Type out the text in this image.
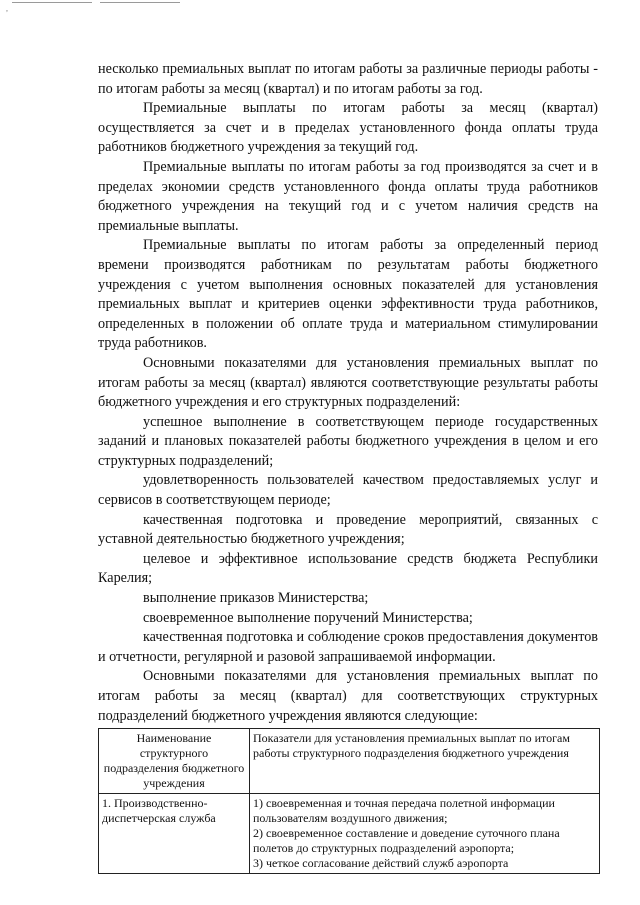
,

несколько премиальных выплат по итогам работы за различные периоды работы - по итогам работы за месяц (квартал) и по итогам работы за год.

Премиальные выплаты по итогам работы за месяц (квартал) осуществляется за счет и в пределах установленного фонда оплаты труда работников бюджетного учреждения за текущий год.

Премиальные выплаты по итогам работы за год производятся за счет и в пределах экономии средств установленного фонда оплаты труда работников бюджетного учреждения на текущий год и с учетом наличия средств на премиальные выплаты.

Премиальные выплаты по итогам работы за определенный период времени производятся работникам по результатам работы бюджетного учреждения с учетом выполнения основных показателей для установления премиальных выплат и критериев оценки эффективности труда работников, определенных в положении об оплате труда и материальном стимулировании труда работников.

Основными показателями для установления премиальных выплат по итогам работы за месяц (квартал) являются соответствующие результаты работы бюджетного учреждения и его структурных подразделений:

успешное выполнение в соответствующем периоде государственных заданий и плановых показателей работы бюджетного учреждения в целом и его структурных подразделений;

удовлетворенность пользователей качеством предоставляемых услуг и сервисов в соответствующем периоде;

качественная подготовка и проведение мероприятий, связанных с уставной деятельностью бюджетного учреждения;

целевое и эффективное использование средств бюджета Республики Карелия;

выполнение приказов Министерства;

своевременное выполнение поручений Министерства;

качественная подготовка и соблюдение сроков предоставления документов и отчетности, регулярной и разовой запрашиваемой информации.

Основными показателями для установления премиальных выплат по итогам работы за месяц (квартал) для соответствующих структурных подразделений бюджетного учреждения являются следующие:

Наименование структурного подразделения бюджетного учреждения	Показатели для установления премиальных выплат по итогам работы структурного подразделения бюджетного учреждения
1. Производственно-диспетчерская служба	1) своевременная и точная передача полетной информации пользователям воздушного движения;
2) своевременное составление и доведение суточного плана полетов до структурных подразделений аэропорта;
3) четкое согласование действий служб аэропорта
